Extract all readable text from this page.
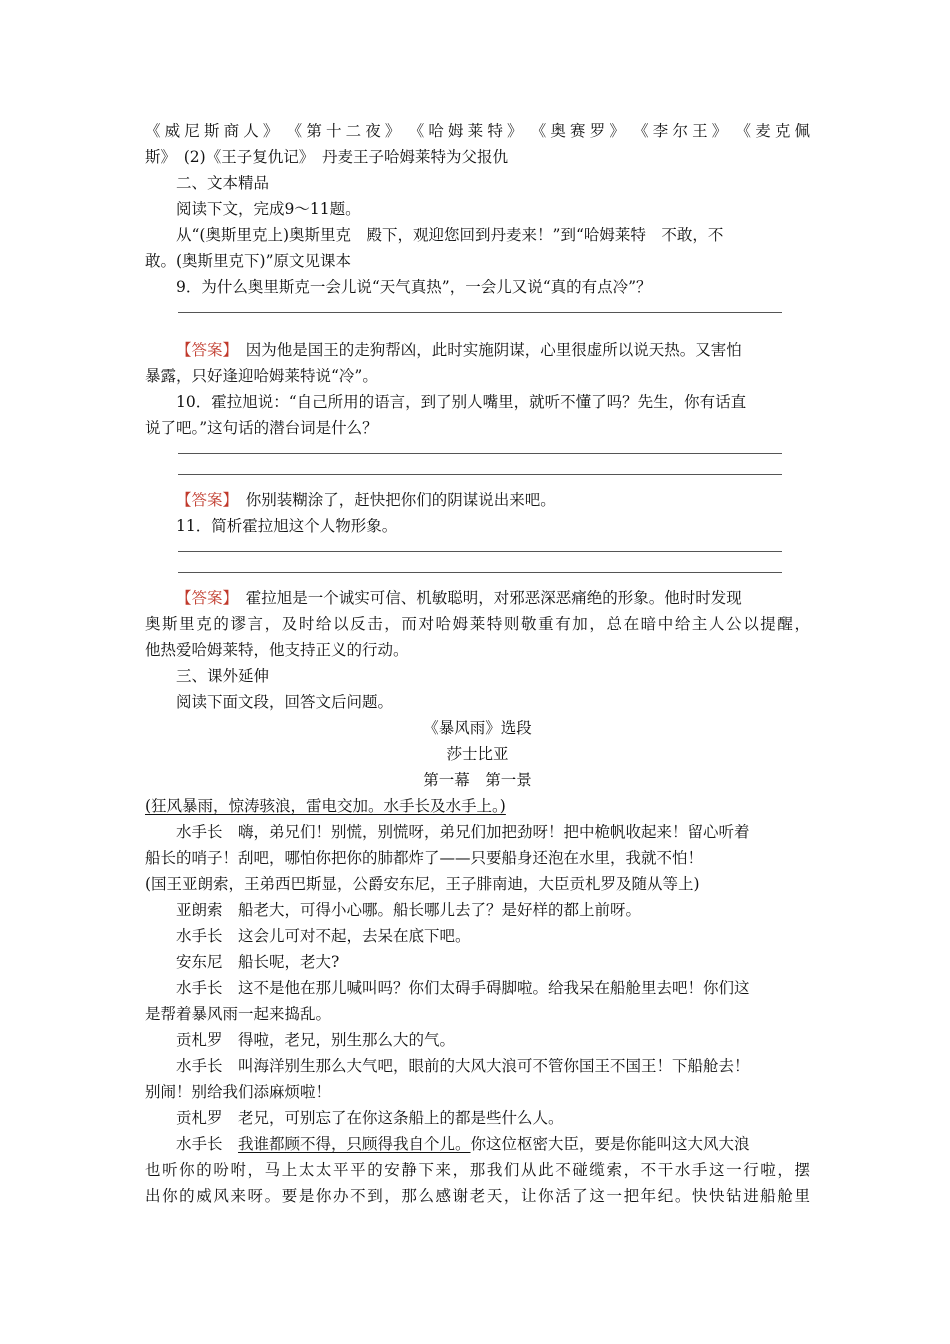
《威尼斯商人》　《第十二夜》　《哈姆莱特》　《奥赛罗》　《李尔王》　《麦克佩
斯》　(2)《王子复仇记》　丹麦王子哈姆莱特为父报仇
二、文本精品
阅读下文，完成9～11题。
从“(奥斯里克上)奥斯里克　殿下，观迎您回到丹麦来！”到“哈姆莱特　不敢，不
敢。(奥斯里克下)”原文见课本
9．为什么奥里斯克一会儿说“天气真热”，一会儿又说“真的有点冷”？
【答案】　因为他是国王的走狗帮凶，此时实施阴谋，心里很虚所以说天热。又害怕
暴露，只好逢迎哈姆莱特说“冷”。
10．霍拉旭说：“自己所用的语言，到了别人嘴里，就听不懂了吗？先生，你有话直
说了吧。”这句话的潜台词是什么？
【答案】　你别装糊涂了，赶快把你们的阴谋说出来吧。
11．简析霍拉旭这个人物形象。
【答案】　霍拉旭是一个诚实可信、机敏聪明，对邪恶深恶痛绝的形象。他时时发现
奥斯里克的谬言，及时给以反击，而对哈姆莱特则敬重有加，总在暗中给主人公以提醒，
他热爱哈姆莱特，他支持正义的行动。
三、课外延伸
阅读下面文段，回答文后问题。
《暴风雨》选段
莎士比亚
第一幕　第一景
(狂风暴雨，惊涛骇浪，雷电交加。水手长及水手上。)
水手长　嗨，弟兄们！别慌，别慌呀，弟兄们加把劲呀！把中桅帆收起来！留心听着
船长的哨子！刮吧，哪怕你把你的肺都炸了——只要船身还泡在水里，我就不怕！
(国王亚朗索，王弟西巴斯显，公爵安东尼，王子腓南迪，大臣贡札罗及随从等上)
亚朗索　船老大，可得小心哪。船长哪儿去了？是好样的都上前呀。
水手长　这会儿可对不起，去呆在底下吧。
安东尼　船长呢，老大?
水手长　这不是他在那儿喊叫吗？你们太碍手碍脚啦。给我呆在船舱里去吧！你们这
是帮着暴风雨一起来捣乱。
贡札罗　得啦，老兄，别生那么大的气。
水手长　叫海洋别生那么大气吧，眼前的大风大浪可不管你国王不国王！下船舱去！
别闹！别给我们添麻烦啦！
贡札罗　老兄，可别忘了在你这条船上的都是些什么人。
水手长　我谁都顾不得，只顾得我自个儿。你这位枢密大臣，要是你能叫这大风大浪
也听你的吩咐，马上太太平平的安静下来，那我们从此不碰缆索，不干水手这一行啦，摆
出你的威风来呀。要是你办不到，那么感谢老天，让你活了这一把年纪。快快钻进船舱里
